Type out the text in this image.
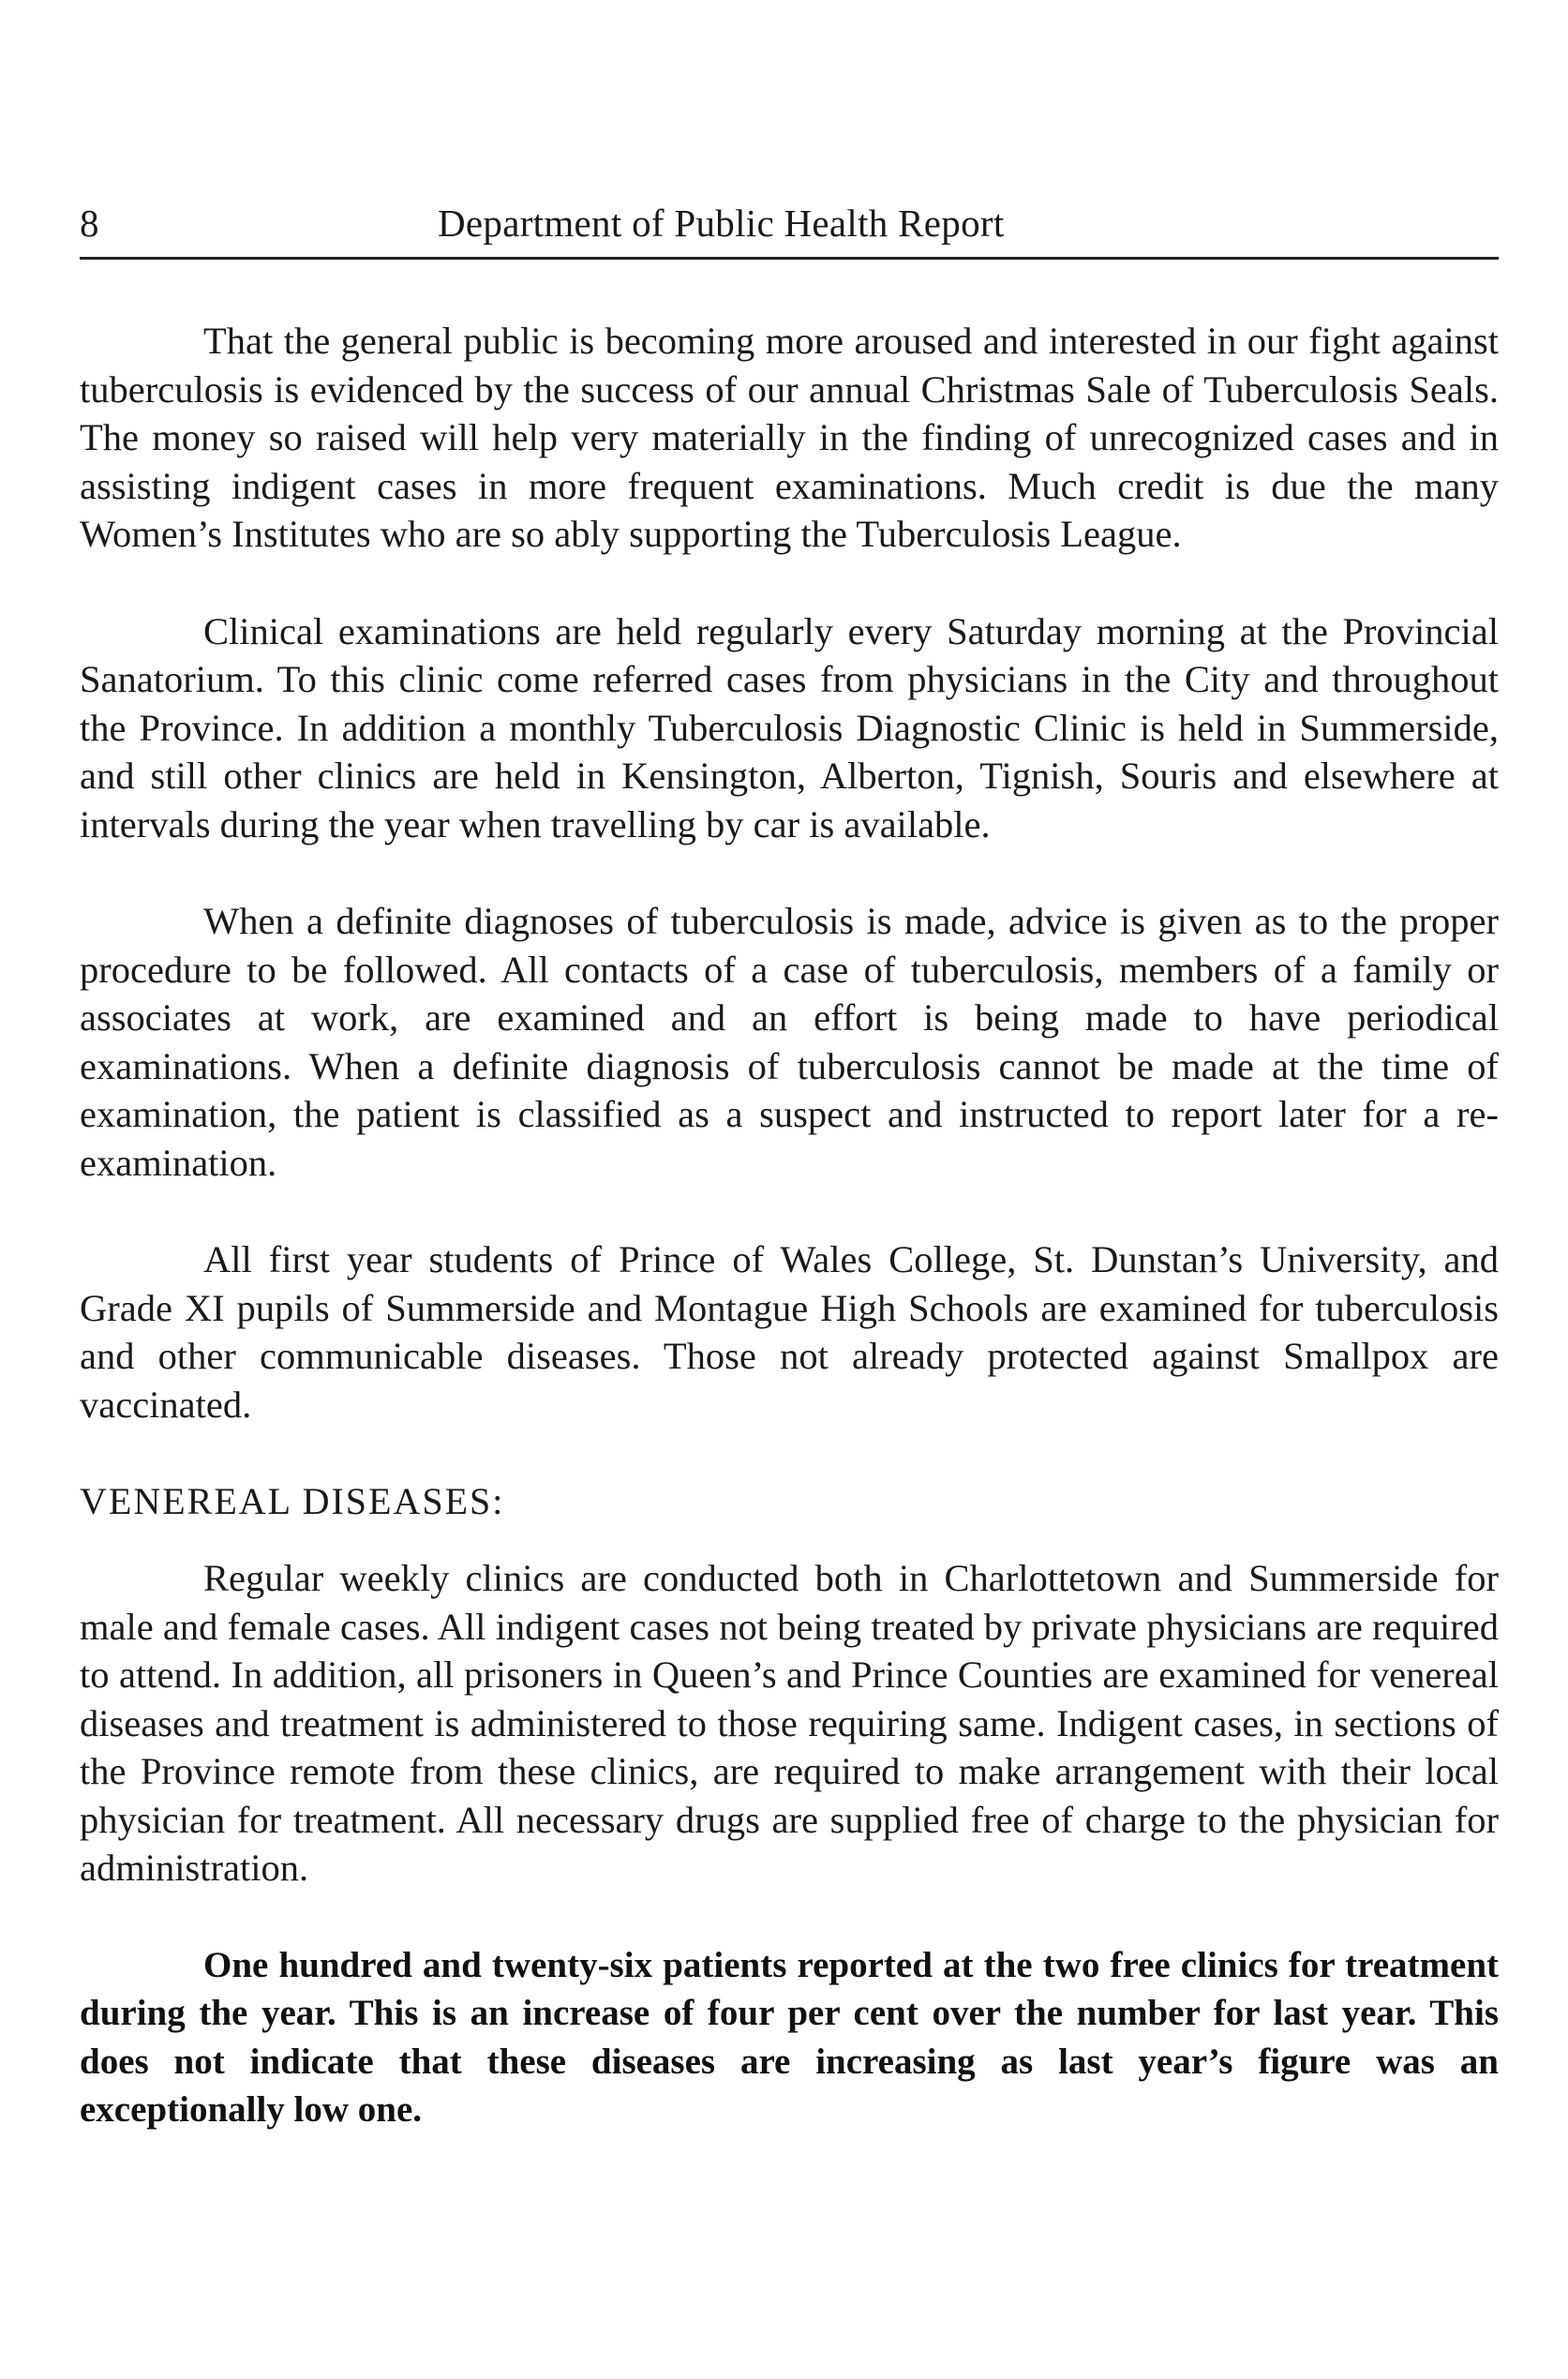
8	Department of Public Health Report

That the general public is becoming more aroused and interested in our fight against tuberculosis is evidenced by the success of our annual Christmas Sale of Tuberculosis Seals. The money so raised will help very materially in the finding of unrecognized cases and in assisting indigent cases in more frequent examinations. Much credit is due the many Women’s Institutes who are so ably supporting the Tuberculosis League.

Clinical examinations are held regularly every Saturday morning at the Provincial Sanatorium. To this clinic come referred cases from physicians in the City and throughout the Province. In addition a monthly Tuberculosis Diagnostic Clinic is held in Summerside, and still other clinics are held in Kensington, Alberton, Tignish, Souris and elsewhere at intervals during the year when travelling by car is available.

When a definite diagnoses of tuberculosis is made, advice is given as to the proper procedure to be followed. All contacts of a case of tuberculosis, members of a family or associates at work, are examined and an effort is being made to have periodical examinations. When a definite diagnosis of tuberculosis cannot be made at the time of examination, the patient is classified as a suspect and instructed to report later for a re-examination.

All first year students of Prince of Wales College, St. Dunstan’s University, and Grade XI pupils of Summerside and Montague High Schools are examined for tuberculosis and other communicable diseases. Those not already protected against Smallpox are vaccinated.

VENEREAL DISEASES:

Regular weekly clinics are conducted both in Charlottetown and Summerside for male and female cases. All indigent cases not being treated by private physicians are required to attend. In addition, all prisoners in Queen’s and Prince Counties are examined for venereal diseases and treatment is administered to those requiring same. Indigent cases, in sections of the Province remote from these clinics, are required to make arrangement with their local physician for treatment. All necessary drugs are supplied free of charge to the physician for administration.

One hundred and twenty-six patients reported at the two free clinics for treatment during the year. This is an increase of four per cent over the number for last year. This does not indicate that these diseases are increasing as last year’s figure was an exceptionally low one.
